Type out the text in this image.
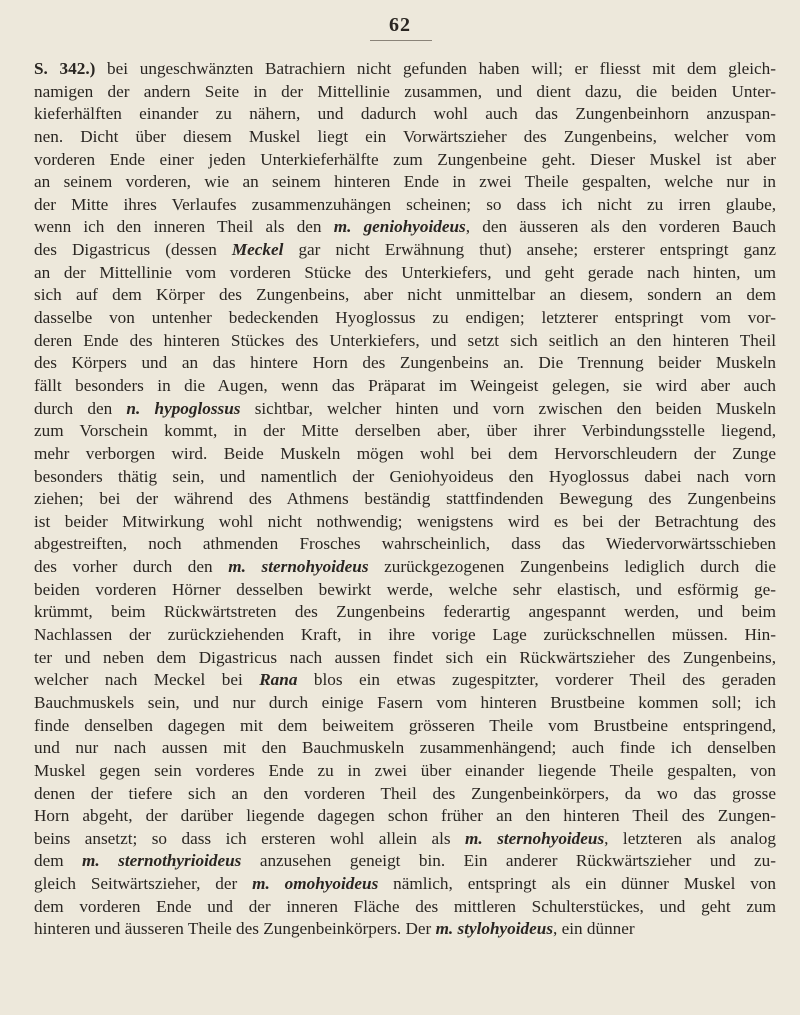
62
S. 342.) bei ungeschwänzten Batrachiern nicht gefunden haben will; er fliesst mit dem gleich-
namigen der andern Seite in der Mittellinie zusammen, und dient dazu, die beiden Unter-
kieferhälften einander zu nähern, und dadurch wohl auch das Zungenbeinhorn anzuspan-
nen. Dicht über diesem Muskel liegt ein Vorwärtszieher des Zungenbeins, welcher vom
vorderen Ende einer jeden Unterkieferhälfte zum Zungenbeine geht. Dieser Muskel ist aber
an seinem vorderen, wie an seinem hinteren Ende in zwei Theile gespalten, welche nur in
der Mitte ihres Verlaufes zusammenzuhängen scheinen; so dass ich nicht zu irren glaube,
wenn ich den inneren Theil als den m. geniohyoideus, den äusseren als den vorderen Bauch
des Digastricus (dessen Meckel gar nicht Erwähnung thut) ansehe; ersterer entspringt ganz
an der Mittellinie vom vorderen Stücke des Unterkiefers, und geht gerade nach hinten, um
sich auf dem Körper des Zungenbeins, aber nicht unmittelbar an diesem, sondern an dem
dasselbe von untenher bedeckenden Hyoglossus zu endigen; letzterer entspringt vom vor-
deren Ende des hinteren Stückes des Unterkiefers, und setzt sich seitlich an den hinteren Theil
des Körpers und an das hintere Horn des Zungenbeins an. Die Trennung beider Muskeln
fällt besonders in die Augen, wenn das Präparat im Weingeist gelegen, sie wird aber auch
durch den n. hypoglossus sichtbar, welcher hinten und vorn zwischen den beiden Muskeln
zum Vorschein kommt, in der Mitte derselben aber, über ihrer Verbindungsstelle liegend,
mehr verborgen wird. Beide Muskeln mögen wohl bei dem Hervorschleudern der Zunge
besonders thätig sein, und namentlich der Geniohyoideus den Hyoglossus dabei nach vorn
ziehen; bei der während des Athmens beständig stattfindenden Bewegung des Zungenbeins
ist beider Mitwirkung wohl nicht nothwendig; wenigstens wird es bei der Betrachtung des
abgestreiften, noch athmenden Frosches wahrscheinlich, dass das Wiedervorwärtsschieben
des vorher durch den m. sternohyoideus zurückgezogenen Zungenbeins lediglich durch die
beiden vorderen Hörner desselben bewirkt werde, welche sehr elastisch, und esförmig ge-
krümmt, beim Rückwärtstreten des Zungenbeins federartig angespannt werden, und beim
Nachlassen der zurückziehenden Kraft, in ihre vorige Lage zurückschnellen müssen. Hin-
ter und neben dem Digastricus nach aussen findet sich ein Rückwärtszieher des Zungenbeins,
welcher nach Meckel bei Rana blos ein etwas zugespitzter, vorderer Theil des geraden
Bauchmuskels sein, und nur durch einige Fasern vom hinteren Brustbeine kommen soll; ich
finde denselben dagegen mit dem beiweitem grösseren Theile vom Brustbeine entspringend,
und nur nach aussen mit den Bauchmuskeln zusammenhängend; auch finde ich denselben
Muskel gegen sein vorderes Ende zu in zwei über einander liegende Theile gespalten, von
denen der tiefere sich an den vorderen Theil des Zungenbeinkörpers, da wo das grosse
Horn abgeht, der darüber liegende dagegen schon früher an den hinteren Theil des Zungen-
beins ansetzt; so dass ich ersteren wohl allein als m. sternohyoideus, letzteren als analog
dem m. sternothyrioideus anzusehen geneigt bin. Ein anderer Rückwärtszieher und zu-
gleich Seitwärtszieher, der m. omohyoideus nämlich, entspringt als ein dünner Muskel von
dem vorderen Ende und der inneren Fläche des mittleren Schulterstückes, und geht zum
hinteren und äusseren Theile des Zungenbeinkörpers. Der m. stylohyoideus, ein dünner
